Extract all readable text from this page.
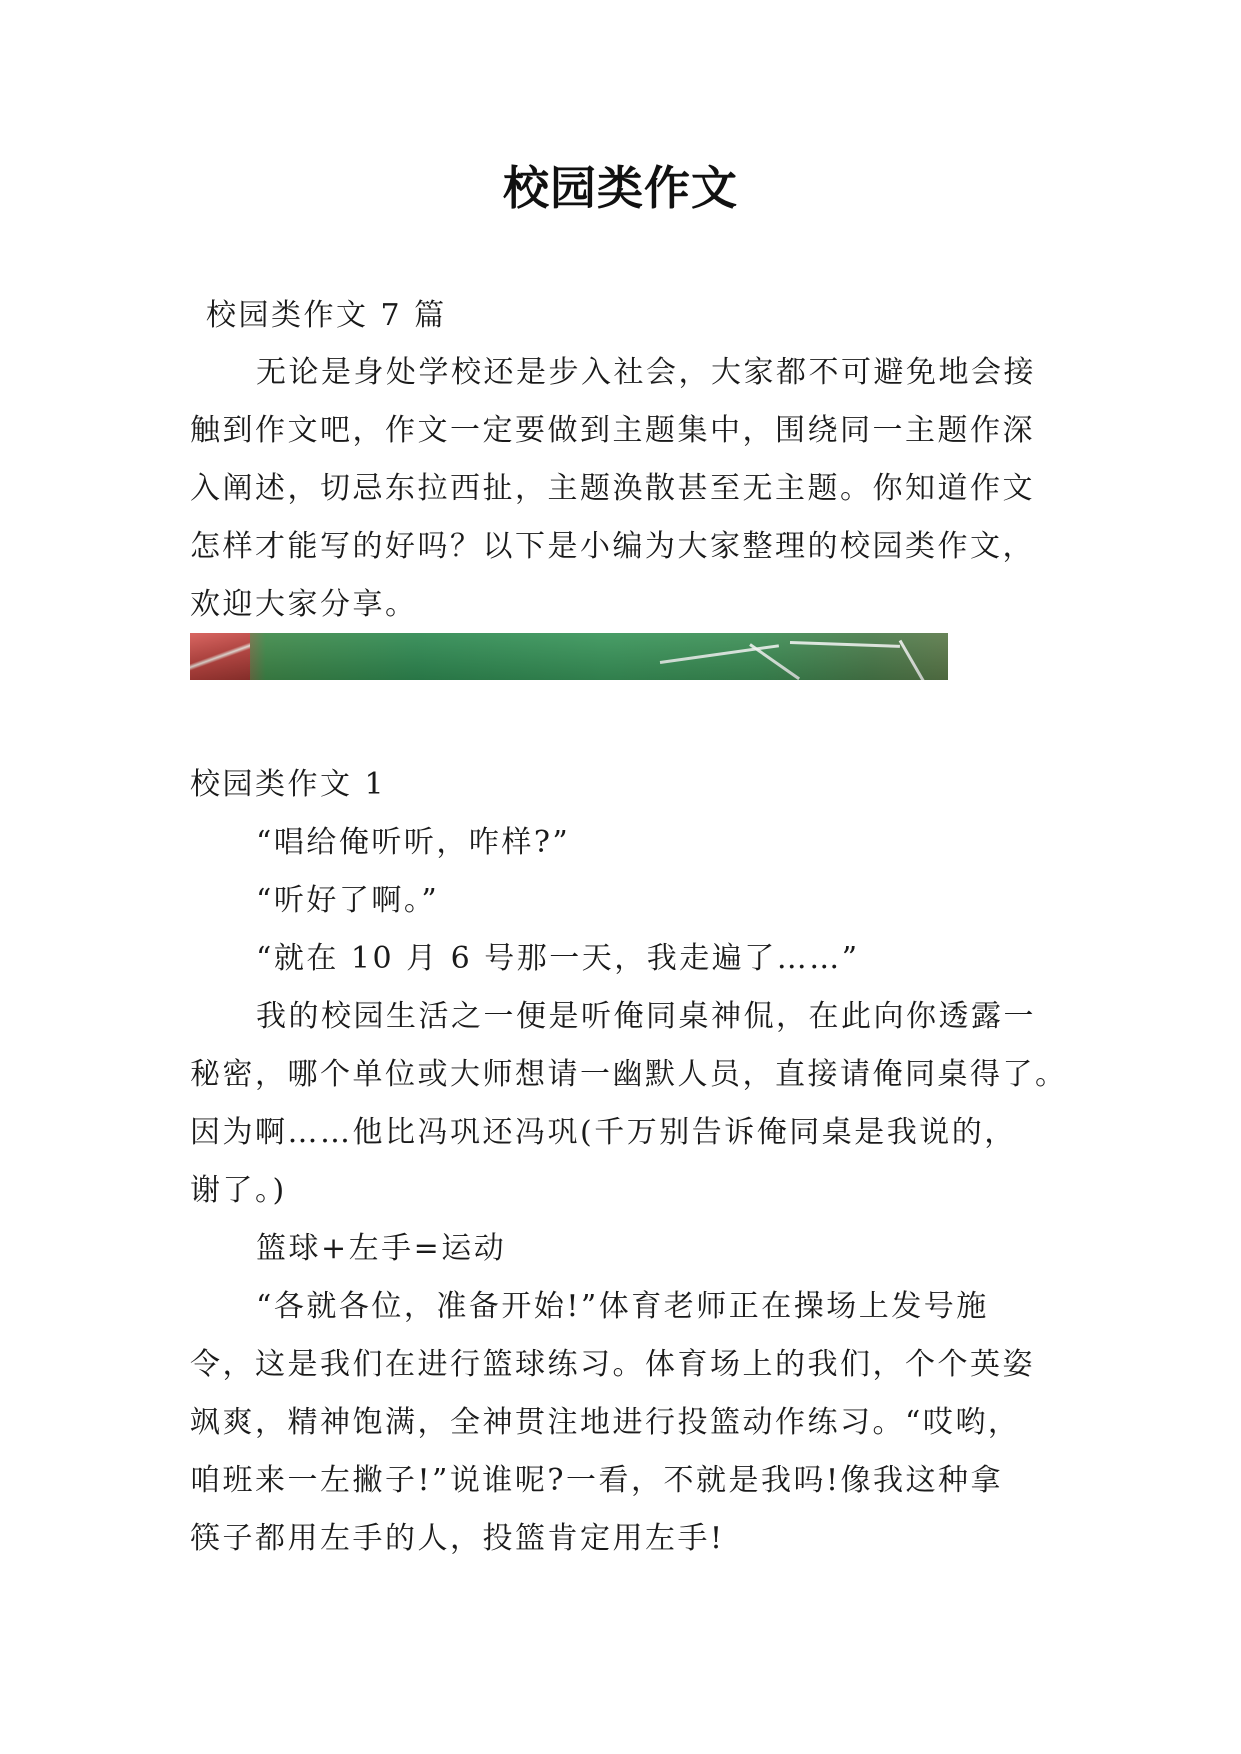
校园类作文
校园类作文 7 篇
无论是身处学校还是步入社会，大家都不可避免地会接
触到作文吧，作文一定要做到主题集中，围绕同一主题作深
入阐述，切忌东拉西扯，主题涣散甚至无主题。你知道作文
怎样才能写的好吗？以下是小编为大家整理的校园类作文，
欢迎大家分享。
校园类作文 1
“唱给俺听听，咋样?”
“听好了啊。”
“就在 10 月 6 号那一天，我走遍了……”
我的校园生活之一便是听俺同桌神侃，在此向你透露一
秘密，哪个单位或大师想请一幽默人员，直接请俺同桌得了。
因为啊……他比冯巩还冯巩(千万别告诉俺同桌是我说的，
谢了。)
篮球+左手=运动
“各就各位，准备开始!”体育老师正在操场上发号施
令，这是我们在进行篮球练习。体育场上的我们，个个英姿
飒爽，精神饱满，全神贯注地进行投篮动作练习。“哎哟，
咱班来一左撇子!”说谁呢?一看，不就是我吗!像我这种拿
筷子都用左手的人，投篮肯定用左手!
